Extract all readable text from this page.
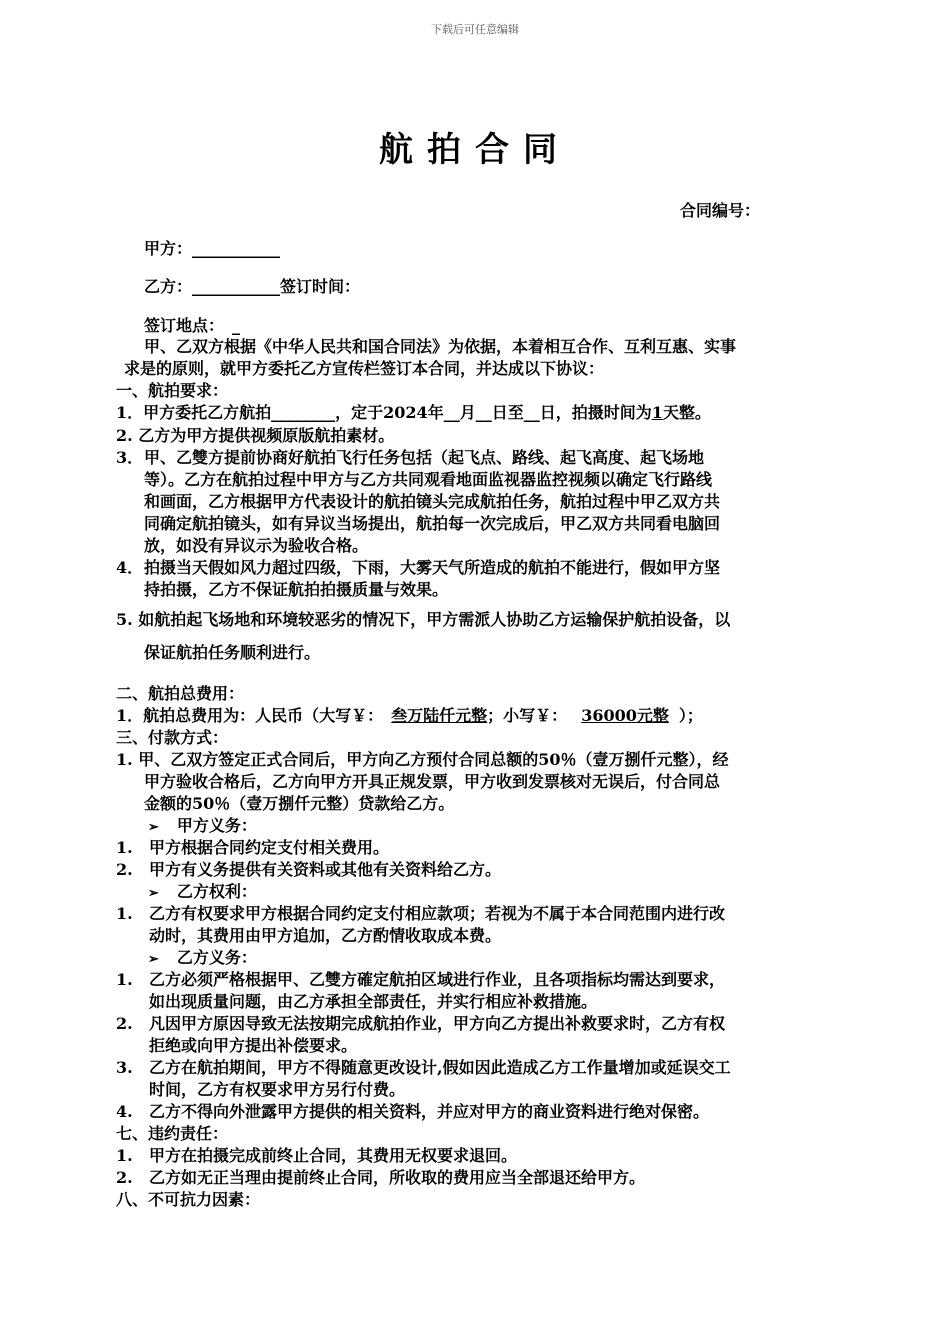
下载后可任意编辑
航拍合同
合同编号：
甲方：___________
乙方：___________签订时间：
签订地点： _
甲、乙双方根据《中华人民共和国合同法》为依据，本着相互合作、互利互惠、实事
求是的原则，就甲方委托乙方宣传栏签订本合同，并达成以下协议：
一、航拍要求：
1．甲方委托乙方航拍________，定于2024年__月__日至__日，拍摄时间为1天整。
2. 乙方为甲方提供视频原版航拍素材。
3． 甲、乙雙方提前协商好航拍飞行任务包括（起飞点、路线、起飞高度、起飞场地
等）。乙方在航拍过程中甲方与乙方共同观看地面监视器监控视频以确定飞行路线
和画面，乙方根据甲方代表设计的航拍镜头完成航拍任务，航拍过程中甲乙双方共
同确定航拍镜头，如有异议当场提出，航拍每一次完成后，甲乙双方共同看电脑回
放，如没有异议示为验收合格。
4． 拍摄当天假如风力超过四级，下雨，大雾天气所造成的航拍不能进行，假如甲方坚
持拍摄，乙方不保证航拍拍摄质量与效果。
5. 如航拍起飞场地和环境较恶劣的情况下，甲方需派人协助乙方运输保护航拍设备，以
保证航拍任务顺利进行。
二、航拍总费用：
1．航拍总费用为：人民币（大写￥： 叁万陆仟元整；小写￥： 36000元整 ）；
三、付款方式：
1. 甲、乙双方签定正式合同后，甲方向乙方预付合同总额的50％（壹万捌仟元整），经
甲方验收合格后，乙方向甲方开具正规发票，甲方收到发票核对无误后，付合同总
金额的50％（壹万捌仟元整）贷款给乙方。
➢ 甲方义务：
1. 甲方根据合同约定支付相关费用。
2. 甲方有义务提供有关资料或其他有关资料给乙方。
➢ 乙方权利：
1. 乙方有权要求甲方根据合同约定支付相应款项；若视为不属于本合同范围内进行改
动时，其费用由甲方追加，乙方酌情收取成本费。
➢ 乙方义务：
1. 乙方必须严格根据甲、乙雙方確定航拍区域进行作业，且各项指标均需达到要求，
如出现质量问题，由乙方承担全部责任，并实行相应补救措施。
2. 凡因甲方原因导致无法按期完成航拍作业，甲方向乙方提出补救要求时，乙方有权
拒绝或向甲方提出补偿要求。
3. 乙方在航拍期间，甲方不得随意更改设计,假如因此造成乙方工作量增加或延误交工
时间，乙方有权要求甲方另行付费。
4. 乙方不得向外泄露甲方提供的相关资料，并应对甲方的商业资料进行绝对保密。
七、违约责任：
1. 甲方在拍摄完成前终止合同，其费用无权要求退回。
2. 乙方如无正当理由提前终止合同，所收取的费用应当全部退还给甲方。
八、不可抗力因素：
